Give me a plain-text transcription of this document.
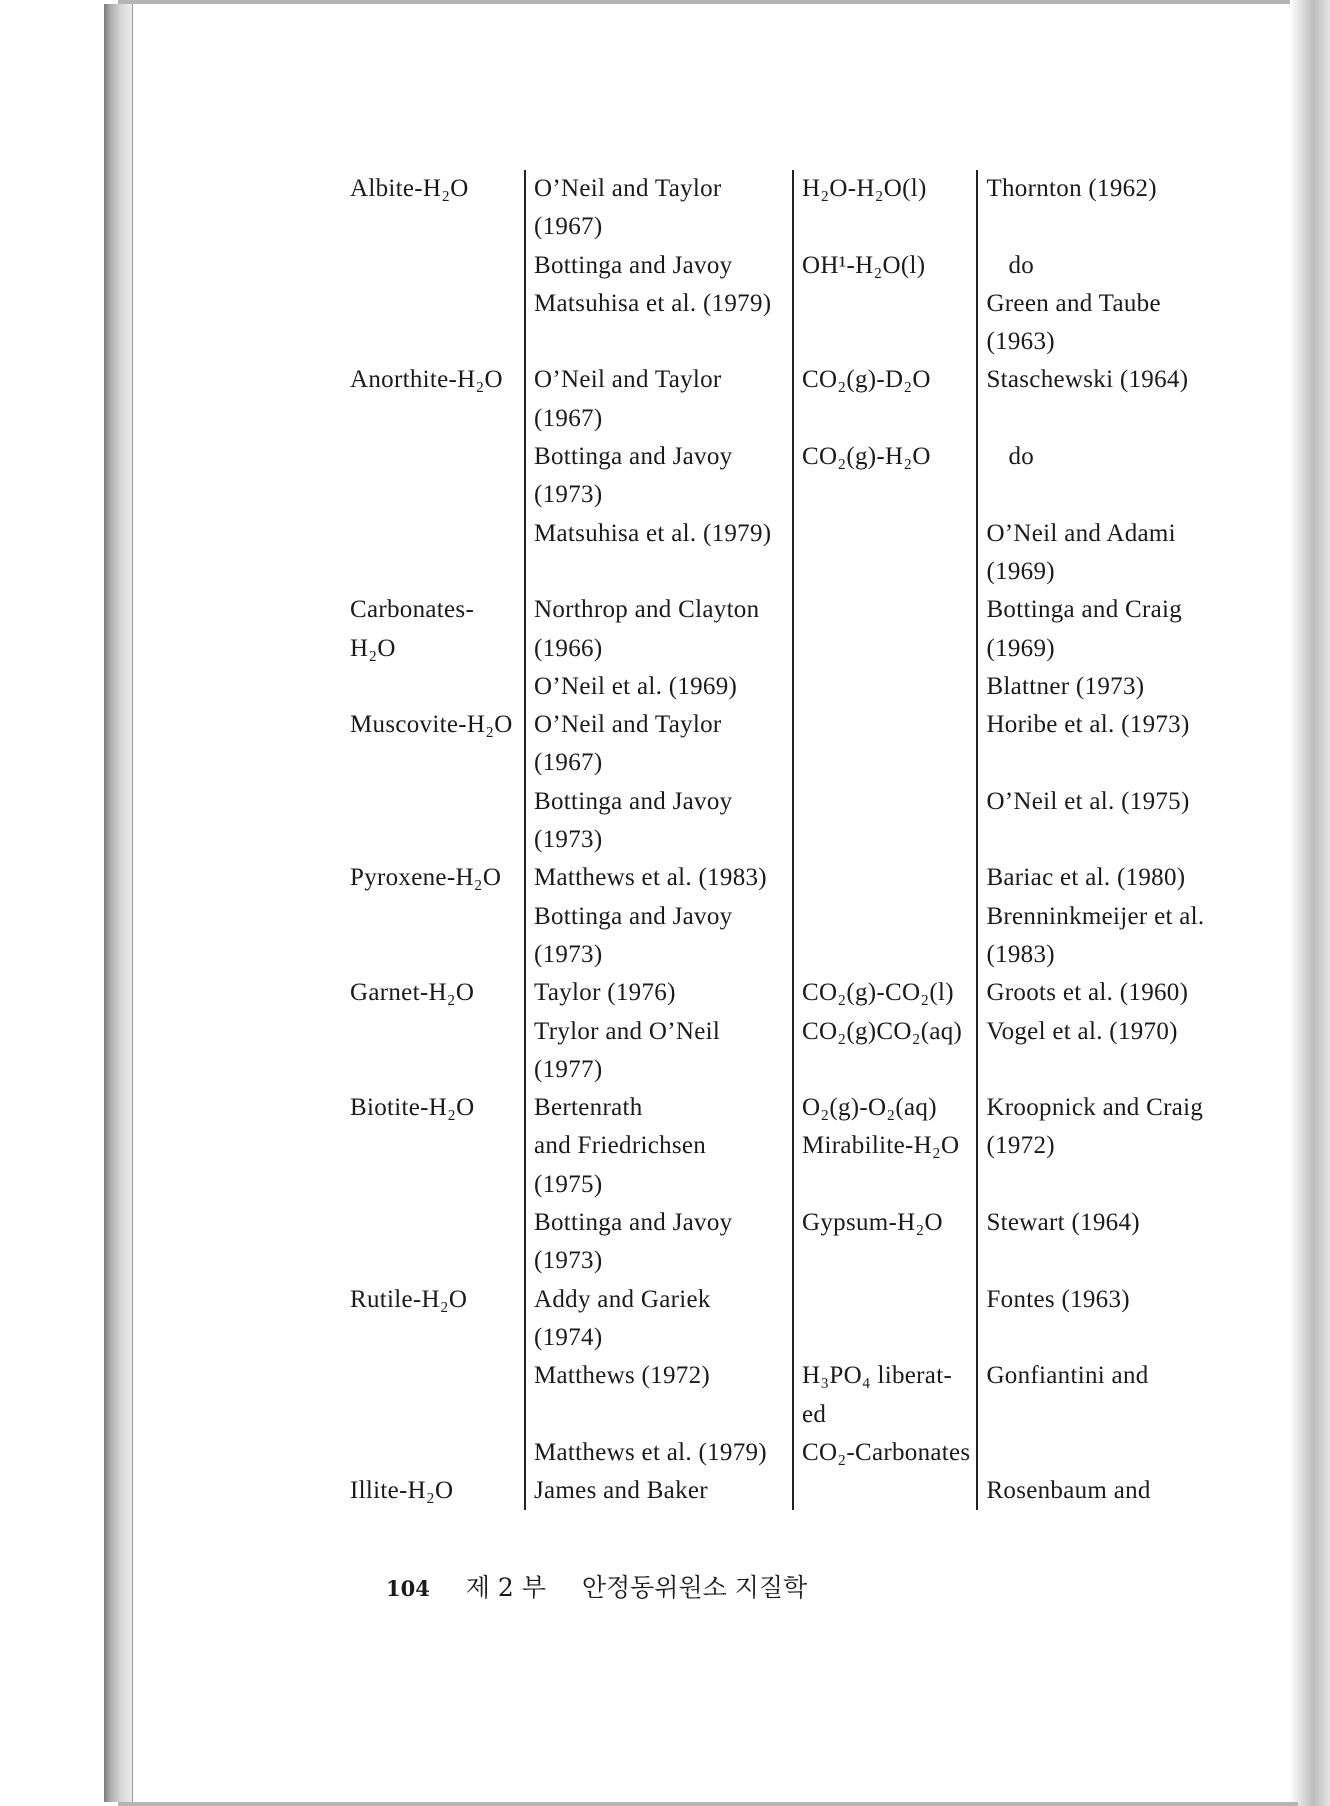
Albite-H₂O	O’Neil and Taylor	H₂O-H₂O(l)	Thornton (1962)
	(1967)		
	Bottinga and Javoy	OH¹-H₂O(l)	do
	Matsuhisa et al. (1979)		Green and Taube
			(1963)
Anorthite-H₂O	O’Neil and Taylor	CO₂(g)-D₂O	Staschewski (1964)
	(1967)		
	Bottinga and Javoy	CO₂(g)-H₂O	do
	(1973)		
	Matsuhisa et al. (1979)		O’Neil and Adami
			(1969)
Carbonates-	Northrop and Clayton		Bottinga and Craig
H₂O	(1966)		(1969)
	O’Neil et al. (1969)		Blattner (1973)
Muscovite-H₂O	O’Neil and Taylor		Horibe et al. (1973)
	(1967)		
	Bottinga and Javoy		O’Neil et al. (1975)
	(1973)		
Pyroxene-H₂O	Matthews et al. (1983)		Bariac et al. (1980)
	Bottinga and Javoy		Brenninkmeijer et al.
	(1973)		(1983)
Garnet-H₂O	Taylor (1976)	CO₂(g)-CO₂(l)	Groots et al. (1960)
	Trylor and O’Neil	CO₂(g)CO₂(aq)	Vogel et al. (1970)
	(1977)		
Biotite-H₂O	Bertenrath	O₂(g)-O₂(aq)	Kroopnick and Craig
	and Friedrichsen	Mirabilite-H₂O	(1972)
	(1975)		
	Bottinga and Javoy	Gypsum-H₂O	Stewart (1964)
	(1973)		
Rutile-H₂O	Addy and Gariek		Fontes (1963)
	(1974)		
	Matthews (1972)	H₃PO₄ liberat-	Gonfiantini and
		ed	
	Matthews et al. (1979)	CO₂-Carbonates	
Illite-H₂O	James and Baker		Rosenbaum and
104 제 2 부 안정동위원소 지질학
